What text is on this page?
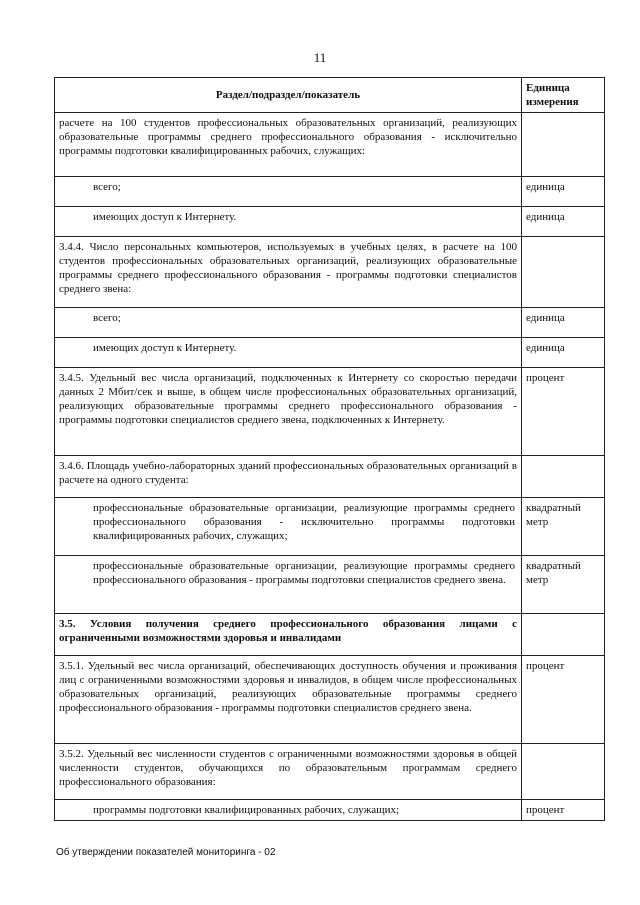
11
Раздел/подраздел/показатель	Единица измерения
расчете на 100 студентов профессиональных образовательных организаций, реализующих образовательные программы среднего профессионального образования - исключительно программы подготовки квалифицированных рабочих, служащих:	
всего;	единица
имеющих доступ к Интернету.	единица
3.4.4. Число персональных компьютеров, используемых в учебных целях, в расчете на 100 студентов профессиональных образовательных организаций, реализующих образовательные программы среднего профессионального образования - программы подготовки специалистов среднего звена:	
всего;	единица
имеющих доступ к Интернету.	единица
3.4.5. Удельный вес числа организаций, подключенных к Интернету со скоростью передачи данных 2 Мбит/сек и выше, в общем числе профессиональных образовательных организаций, реализующих образовательные программы среднего профессионального образования - программы подготовки специалистов среднего звена, подключенных к Интернету.	процент
3.4.6. Площадь учебно-лабораторных зданий профессиональных образовательных организаций в расчете на одного студента:	
профессиональные образовательные организации, реализующие программы среднего профессионального образования - исключительно программы подготовки квалифицированных рабочих, служащих;	квадратный метр
профессиональные образовательные организации, реализующие программы среднего профессионального образования - программы подготовки специалистов среднего звена.	квадратный метр
3.5. Условия получения среднего профессионального образования лицами с ограниченными возможностями здоровья и инвалидами	
3.5.1. Удельный вес числа организаций, обеспечивающих доступность обучения и проживания лиц с ограниченными возможностями здоровья и инвалидов, в общем числе профессиональных образовательных организаций, реализующих образовательные программы среднего профессионального образования - программы подготовки специалистов среднего звена.	процент
3.5.2. Удельный вес численности студентов с ограниченными возможностями здоровья в общей численности студентов, обучающихся по образовательным программам среднего профессионального образования:	
программы подготовки квалифицированных рабочих, служащих;	процент
Об утверждении показателей мониторинга - 02
